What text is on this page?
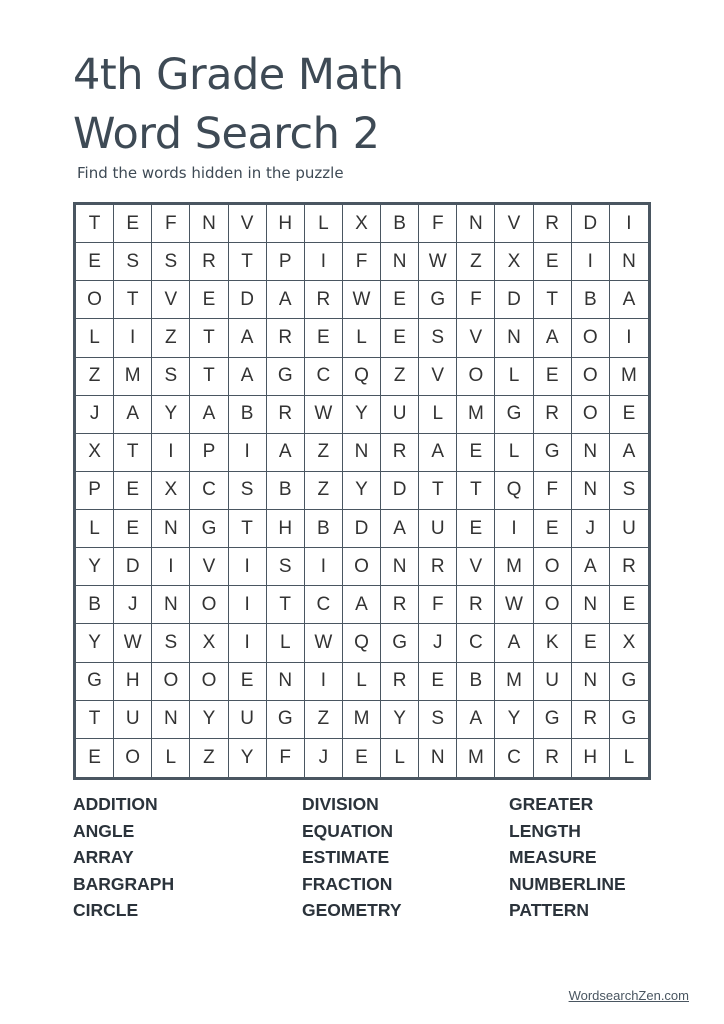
4th Grade Math
Word Search 2

Find the words hidden in the puzzle

T	E	F	N	V	H	L	X	B	F	N	V	R	D	I
E	S	S	R	T	P	I	F	N	W	Z	X	E	I	N
O	T	V	E	D	A	R	W	E	G	F	D	T	B	A
L	I	Z	T	A	R	E	L	E	S	V	N	A	O	I
Z	M	S	T	A	G	C	Q	Z	V	O	L	E	O	M
J	A	Y	A	B	R	W	Y	U	L	M	G	R	O	E
X	T	I	P	I	A	Z	N	R	A	E	L	G	N	A
P	E	X	C	S	B	Z	Y	D	T	T	Q	F	N	S
L	E	N	G	T	H	B	D	A	U	E	I	E	J	U
Y	D	I	V	I	S	I	O	N	R	V	M	O	A	R
B	J	N	O	I	T	C	A	R	F	R	W	O	N	E
Y	W	S	X	I	L	W	Q	G	J	C	A	K	E	X
G	H	O	O	E	N	I	L	R	E	B	M	U	N	G
T	U	N	Y	U	G	Z	M	Y	S	A	Y	G	R	G
E	O	L	Z	Y	F	J	E	L	N	M	C	R	H	L
ADDITION	DIVISION	GREATER
ANGLE	EQUATION	LENGTH
ARRAY	ESTIMATE	MEASURE
BARGRAPH	FRACTION	NUMBERLINE
CIRCLE	GEOMETRY	PATTERN
WordsearchZen.com
